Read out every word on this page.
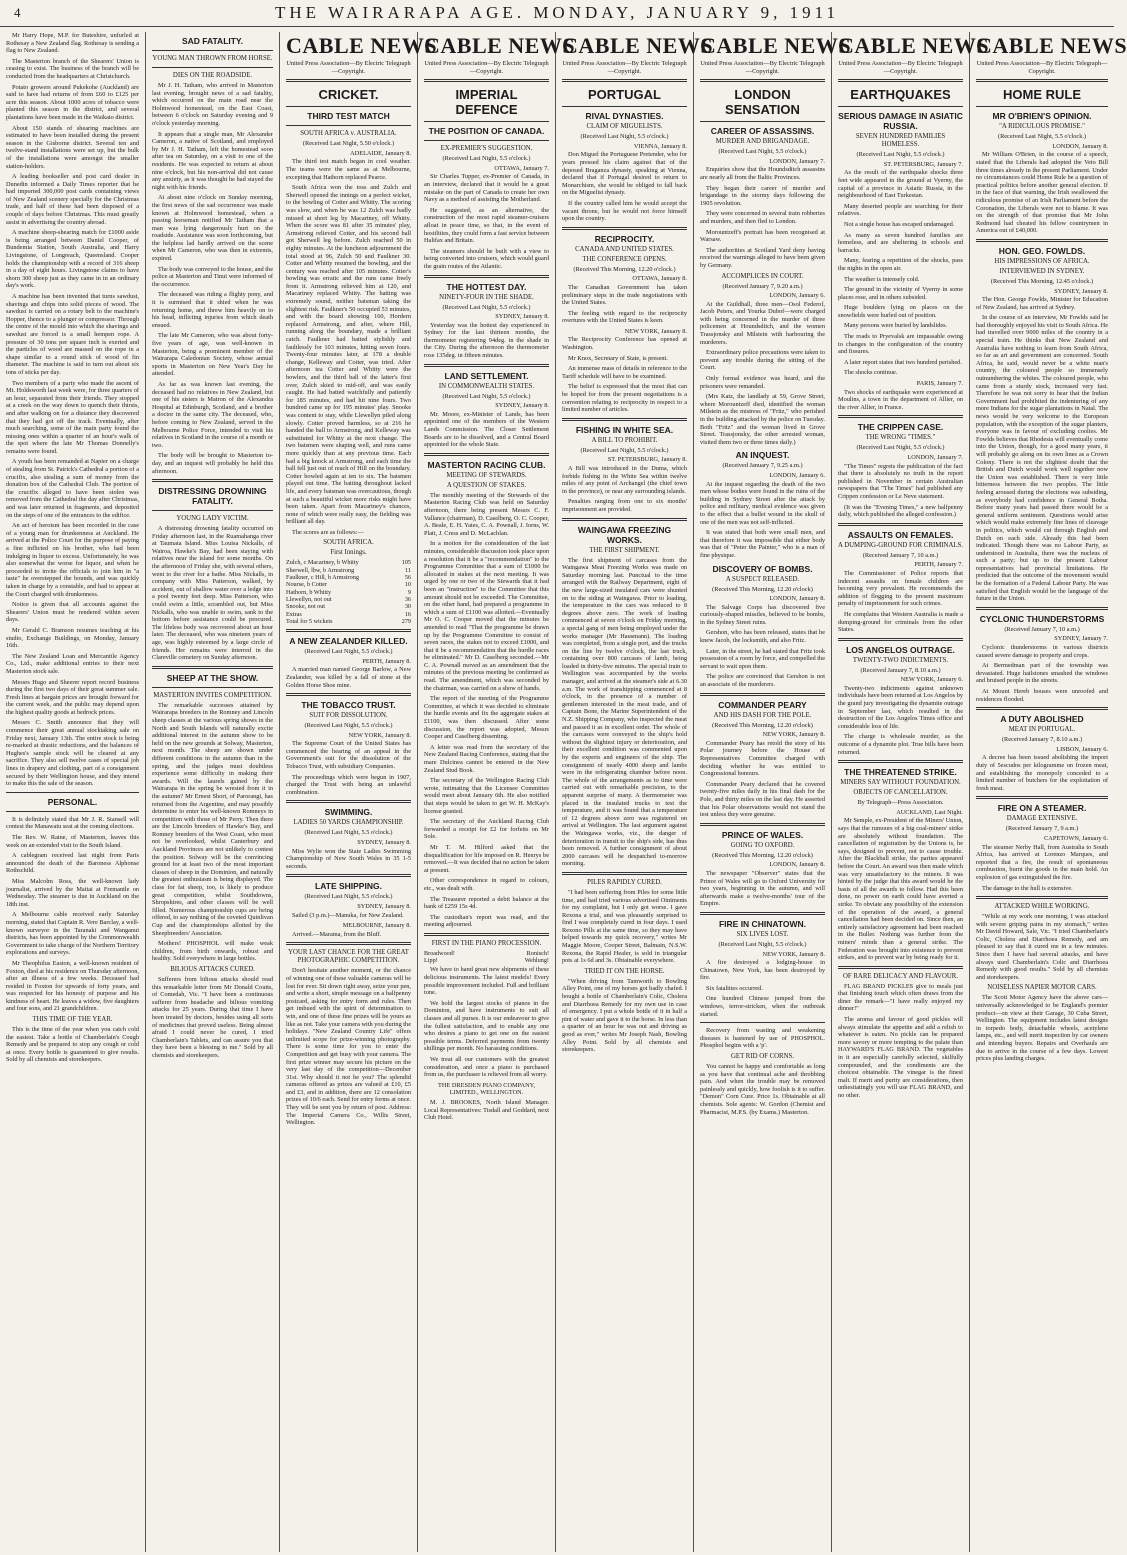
4	THE WAIRARAPA AGE. MONDAY, JANUARY 9, 1911

Mr Harry Hope, M.P. for Buteshire, unfurled at Rothesay a New Zealand flag. Rothesay is sending a flag to New Zealand.

The Masterton branch of the Shearers' Union is ceasing to exist. The business of the branch will be conducted from the headquarters at Christchurch.

Potato growers around Pukekohe (Auckland) are said to have had returns of from £60 to £125 per acre this season. About 1000 acres of tobacco were planted this season in the district, and several plantations have been made in the Waikato district.

About 150 stands of shearing machines are estimated to have been installed during the present season in the Gisborne district. Several ten and twelve-stand installations were set up, but the bulk of the installations were amongst the smaller station-holders.

A leading bookseller and post card dealer in Dunedin informed a Daily Times reporter that he had imported 300,000 post cards containing views of New Zealand scenery specially for the Christmas trade, and half of these had been disposed of a couple of days before Christmas. This must greatly assist in advertising the country abroad.

A machine sheep-shearing match for £1000 aside is being arranged between Daniel Cooper, of Bundemia Station, South Australia, and Harry Livingstone, of Longreach, Queensland. Cooper holds the championship with a record of 316 sheep in a day of eight hours. Livingstone claims to have shorn 300 sheep just as they came in in an ordinary day's work.

A machine has been invented that turns sawdust, shavings and chips into solid pieces of wood. The sawdust is carried on a rotary belt to the machine's Hopper, thence to a plunger or compressor. Through the centre of the mould into which the shavings and sawdust are forced is a small hempen rope. A pressure of 30 tons per square inch is exerted and the particles of wood are massed on the rope in a shape similar to a round stick of wood of fin diameter. The machine is said to turn out about six tons of sticks per day.

Two members of a party who made the ascent of Mt. Holdsworth last week were, for three quarters of an hour, separated from their friends. They stopped at a creek on the way down to quench their thirsts, and after walking on for a distance they discovered that they had got off the track. Eventually, after much searching, some of the main party found the missing ones within a quarter of an hour's walk of the spot where the late Mr Thomas Donnelly's remains were found.

A youth has been remanded at Napier on a charge of stealing from St. Patrick's Cathedral a portion of a crucifix, also stealing a sum of money from the donation box of the Cathedral Club. The portion of the crucifix alleged to have been stolen was removed from the Cathedral the day after Christmas, and was later returned in fragments, and deposited on the steps of one of the entrances to the edifice.

An act of heroism has been recorded in the case of a young man for drunkenness at Auckland. He arrived at the Police Court for the purpose of paying a fine inflicted on his brother, who had been indulging in liquor to excess. Unfortunately, he was also somewhat the worse for liquor, and when he proceeded to invite the officials to join him in "a taste" he overstepped the bounds, and was quickly taken in charge by a constable, and had to appear at the Court charged with drunkenness.

Notice is given that all accounts against the Shearers' Union must be rendered within seven days.

Mr Gerald C. Bramson resumes teaching at his studio, Exchange Buildings, on Monday, January 16th.

The New Zealand Loan and Mercantile Agency Co., Ltd., make additional entries to their next Masterton stock sale.

Messrs Hugo and Sheerer report record business during the first two days of their great summer sale. Fresh lines at bargain prices are brought forward for the current week, and the public may depend upon the highest quality goods at bedrock prices.

Messrs C. Smith announce that they will commence their great annual stocktaking sale on Friday next, January 13th. The entire stock is being re-marked at drastic reductions, and the balances of Hughes's sample stock will be cleared at any sacrifice. They also sell twelve cases of special job lines in drapery and clothing, part of a consignment secured by their Wellington house, and they intend to make this the sale of the season.

PERSONAL.

It is definitely stated that Mr J. R. Stansell will contest the Manawatu seat at the coming elections.

The Rev. W. Raine, of Masterton, leaves this week on an extended visit to the South Island.

A cablegram received last night from Paris announced the death of the Baroness Alphonse Rothschild.

Miss Malcolm Ross, the well-known lady journalist, arrived by the Maitai at Fremantle on Wednesday. The steamer is due in Auckland on the 18th inst.

A Melbourne cable received early Saturday morning, stated that Captain R. Vere Barclay, a well-known surveyor in the Taranaki and Wanganui districts, has been appointed by the Commonwealth Government to take charge of the Northern Territory explorations and surveys.

Mr Theophilus Easton, a well-known resident of Foxton, died at his residence on Thursday afternoon, after an illness of a few weeks. Deceased had resided in Foxton for upwards of forty years, and was respected for his honesty of purpose and his kindness of heart. He leaves a widow, five daughters and four sons, and 21 grandchildren.

THIS TIME OF THE YEAR.

This is the time of the year when you catch cold the easiest. Take a bottle of Chamberlain's Cough Remedy and be prepared to stop any cough or cold at once. Every bottle is guaranteed to give results. Sold by all chemists and storekeepers.

SAD FATALITY.
YOUNG MAN THROWN FROM HORSE.
DIES ON THE ROADSIDE.

Mr J. H. Tatham, who arrived in Masterton last evening, brought news of a sad fatality, which occurred on the main road near the Holmwood homestead, on the East Coast, between 6 o'clock on Saturday evening and 9 o'clock yesterday morning.

It appears that a single man, Mr Alexander Cameron, a native of Scotland, and employed by Mr J. H. Tatham, left the homestead soon after tea on Saturday, on a visit to one of the residents. He was expected to return at about nine o'clock, but his non-arrival did not cause any anxiety, as it was thought he had stayed the night with his friends.

At about nine o'clock on Sunday morning, the first news of the sad occurrence was made known at Holmwood homestead, when a passing horseman notified Mr Tatham that a man was lying dangerously hurt on the roadside. Assistance was soon forthcoming, but the helpless lad hardly arrived on the scene when Mr Cameron, who was then in extremis, expired.

The body was conveyed to the house, and the police at Masterton and Tinui were informed of the occurrence.

The deceased was riding a flighty pony, and it is surmised that it shied when he was returning home, and threw him heavily on to his head, inflicting injuries from which death ensued.

The late Mr Cameron, who was about forty-five years of age, was well-known in Masterton, being a prominent member of the Wairarapa Caledonian Society, whose annual sports in Masterton on New Year's Day he attended.

As far as was known last evening, the deceased had no relatives in New Zealand, but one of his sisters is Matron of the Alexandra Hospital at Edinburgh, Scotland, and a brother a doctor in the same city. The deceased, who, before coming to New Zealand, served in the Melbourne Police Force, intended to visit his relatives in Scotland in the course of a month or two.

The body will be brought to Masterton to-day, and an inquest will probably be held this afternoon.

DISTRESSING DROWNING FATALITY.
YOUNG LADY VICTIM.

A distressing drowning fatality occurred on Friday afternoon last, in the Ruamahanga river at Taumata Island. Miss Louisa Nickalls, of Wairoa, Hawke's Bay, had been staying with relatives near the island for some months. On the afternoon of Friday she, with several others, went to the river for a bathe. Miss Nickalls, in company with Miss Patterson, walked, by accident, out of shallow water over a ledge into a pool twenty feet deep. Miss Patterson, who could swim a little, scrambled out, but Miss Nickalls, who was unable to swim, sank to the bottom before assistance could be procured. The lifeless body was recovered about an hour later. The deceased, who was nineteen years of age, was highly esteemed by a large circle of friends. Her remains were interred in the Clareville cemetery on Sunday afternoon.

SHEEP AT THE SHOW.
MASTERTON INVITES COMPETITION.

The remarkable successes attained by Wairarapa breeders in the Romney and Lincoln sheep classes at the various spring shows in the North and South Islands will naturally excite additional interest in the autumn show to be held on the new grounds at Solway, Masterton, next month. The sheep are shown under different conditions in the autumn than in the spring, and the judges must doubtless experience some difficulty in making their awards. Will the laurels gained by the Wairarapa in the spring be wrested from it in the autumn? Mr Ernest Short, of Parorangi, has returned from the Argentine, and may possibly determine to enter his well-known Romneys in competition with those of Mr Perry. Then there are the Lincoln breeders of Hawke's Bay, and Romney breeders of the West Coast, who must not be overlooked, whilst Canterbury and Auckland Provinces are not unlikely to contest the position. Solway will be the convincing ground for at least two of the most important classes of sheep in the Dominion, and naturally the greatest enthusiasm is being displayed. The class for fat sheep, too, is likely to produce great competition, whilst Southdowns, Shropshires, and other classes will be well filled. Numerous championship cups are being offered, to say nothing of the coveted Quinlivan Cup and the championships allotted by the Sheepbreeders' Association.

Mothers! PHOSPHOL will make weak children, from birth onwards, robust and healthy. Sold everywhere in large bottles.

BILIOUS ATTACKS CURED.

Sufferers from bilious attacks should read this remarkable letter from Mr Donald Coutts, of Comedah, Vic. "I have been a continuous sufferer from headache and bilious vomiting attacks for 25 years. During that time I have been treated by doctors, besides using all sorts of medicines that proved useless. Being almost afraid I could never be cured, I tried Chamberlain's Tablets, and can assure you that they have been a blessing to me." Sold by all chemists and storekeepers.

CABLE NEWS
United Press Association—By Electric Telegraph—Copyright.
CRICKET.
THIRD TEST MATCH
SOUTH AFRICA v. AUSTRALIA.
(Received Last Night, 5.50 o'clock.)
ADELAIDE, January 8.

The third test match began in cool weather. The teams were the same as at Melbourne, excepting that Hathorn replaced Pearce.

South Africa won the toss and Zulch and Sherwell opened the innings on a perfect wicket, to the bowling of Cotter and Whitty. The scoring was slow, and when he was 12 Zulch was badly missed at short leg by Macartney, off Whitty. When the score was 81 after 35 minutes' play, Armstrong relieved Cotter, and his second ball got Sherwell leg before. Zulch reached 50 in eighty minutes. At the luncheon adjournment the total stood at 96, Zulch 50 and Faulkner 30. Cotter and Whitty resumed the bowling, and the century was reached after 105 minutes. Cotter's bowling was erratic and the runs came freely from it. Armstrong relieved him at 120, and Macartney replaced Whitty. The batting was extremely sound, neither batsman taking the slightest risk. Faulkner's 50 occupied 53 minutes, and with the board showing 160, Hordern replaced Armstrong, and after, where Hill, running along the boundary, made a brilliant catch. Faulkner had batted stylishly and faultlessly for 103 minutes, hitting seven fours. Twenty-four minutes later, at 178 a double change, Kelleway and Cotter, was tried. After afternoon tea Cotter and Whitty were the bowlers, and the third ball of the latter's first over, Zulch skied to mid-off, and was easily caught. He had batted watchfully and patiently for 185 minutes, and had hit nine fours. Two hundred came up for 195 minutes' play. Snooke was content to stay, while Llewellyn piled along slowly. Cotter proved harmless, so at 216 he handed the ball to Armstrong, and Kelleway was substituted for Whitty at the next change. The two batsmen were shaping well, and runs came more quickly than at any previous time. Each had a big knock at Armstrong, and each time the ball fell just out of reach of Hill on the boundary. Cotter bowled again at ten to six. The batsmen played out time. The batting throughout lacked life, and every batsman was overcautious, though at such a beautiful wicket more risks might have been taken. Apart from Macartney's chances, none of which were really easy, the fielding was brilliant all day.

The scores are as follows:—

SOUTH AFRICA.
First Innings.
Zulch, c Macartney, b Whitty	105
Sherwell, lbw, b Armstrong	11
Faulkner, c Hill, b Armstrong	56
Nourse, b Cotter	10
Hathorn, b Whitty	9
Llewellyn, not out	36
Snooke, not out	30
Extras	16
Total for 5 wickets	279
A NEW ZEALANDER KILLED.
(Received Last Night, 5.5 o'clock.)
PERTH, January 8.

A married man named George Barlow, a New Zealander, was killed by a fall of stone at the Golden Horse Shoe mine.

THE TOBACCO TRUST.
SUIT FOR DISSOLUTION.
(Received Last Night, 5.5 o'clock.)
NEW YORK, January 8.

The Supreme Court of the United States has commenced the hearing of an appeal in the Government's suit for the dissolution of the Tobacco Trust, with subsidiary Companies.

The proceedings which were begun in 1907, charged the Trust with being an unlawful combination.

SWIMMING.
LADIES 50 YARDS CHAMPIONSHIP.
(Received Last Night, 5.5 o'clock.)
SYDNEY, January 8.

Miss Wylie won the State Ladies Swimming Championship of New South Wales in 35 1-5 seconds.

LATE SHIPPING.
(Received Last Night, 5.5 o'clock.)
SYDNEY, January 8.

Sailed (3 p.m.)—Manuka, for New Zealand.

MELBOURNE, January 8.

Arrived.—Marama, from the Bluff.

YOUR LAST CHANCE FOR THE GREAT PHOTOGRAPHIC COMPETITION.

Don't hesitate another moment, or the chance of winning one of these valuable cameras will be lost for ever. Sit down right away, seize your pen, and write a short, simple message on a halfpenny postcard, asking for entry form and rules. Then get imbued with the spirit of determination to win, and one of these fine prizes will be yours as like as not. Take your camera with you during the holidays. "New Zealand Country Life" offers unlimited scope for prize-winning photography. There is some time for you to enter the Competition and get busy with your camera. The first prize winner may secure his picture on the very last day of the competition—December 31st. Why should it not be you? The splendid cameras offered as prizes are valued at £10, £5 and £3, and in addition, there are 12 consolation prizes of 10/6 each. Send for entry forms at once. They will be sent you by return of post. Address: The Imperial Camera Co., Willis Street, Wellington.

CABLE NEWS
United Press Association—By Electric Telegraph—Copyright.
IMPERIAL DEFENCE
THE POSITION OF CANADA.
EX-PREMIER'S SUGGESTION.
(Received Last Night, 5.5 o'clock.)
OTTAWA, January 7.

Sir Charles Tupper, ex-Premier of Canada, in an interview, declared that it would be a great mistake on the part of Canada to create her own Navy as a method of assisting the Motherland.

He suggested, as an alternative, the construction of the most rapid steamer-cruisers afloat in peace time, so that, in the event of hostilities, they could form a fast service between Halifax and Britain.

The steamers should be built with a view to being converted into cruisers, which would guard the grain routes of the Atlantic.

THE HOTTEST DAY.
NINETY-FOUR IN THE SHADE.
(Received Last Night, 5.5 o'clock.)
SYDNEY, January 8.

Yesterday was the hottest day experienced in Sydney for the last thirteen months, the thermometer registering 94deg. in the shade in the City. During the afternoon the thermometer rose 135deg. in fifteen minutes.

LAND SETTLEMENT.
IN COMMONWEALTH STATES.
(Received Last Night, 5.5 o'clock.)
SYDNEY, January 8.

Mr. Moore, ex-Minister of Lands, has been appointed one of the members of the Western Lands Commission. The Closer Settlement Boards are to be dissolved, and a Central Board appointed for the whole State.

MASTERTON RACING CLUB.
MEETING OF STEWARDS.
A QUESTION OF STAKES.

The monthly meeting of the Stewards of the Masterton Racing Club was held on Saturday afternoon, there being present Messrs C. F. Vallance (chairman), D. Caselberg, O. C. Cooper, A. Beale, E. H. Yates, C. A. Pownall, J. Iorns, W. Platt, J. Cress and D. McLachlan.

In a motion for the consideration of the last minutes, considerable discussion took place upon a resolution that it be a "recommendation" to the Programme Committee that a sum of £1000 be allocated in stakes at the next meeting. It was urged by one or two of the Stewards that it had been an "instruction" to the Committee that this amount should not be exceeded. The Committee, on the other hand, had prepared a programme in which a sum of £1100 was allotted.—Eventually Mr O. C. Cooper moved that the minutes be amended to read "That the programme be drawn up by the Programme Committee to consist of seven races, the stakes not to exceed £1000, and that it be a recommendation that the hurdle races be eliminated." Mr D. Caselberg seconded.—Mr C. A. Pownall moved as an amendment that the minutes of the previous meeting be confirmed as read. The amendment, which was seconded by the chairman, was carried on a show of hands.

The report of the meeting of the Programme Committee, at which it was decided to eliminate the hurdle events and fix the aggregate stakes at £1100, was then discussed. After some discussion, the report was adopted, Messrs Cooper and Caselberg dissenting.

A letter was read from the secretary of the New Zealand Racing Conference, stating that the mare Dulcinea cannot be entered in the New Zealand Stud Book.

The secretary of the Wellington Racing Club wrote, intimating that the Licensee Committee would meet about January 6th. He also notified that steps would be taken to get W. H. McKay's license granted.

The secretary of the Auckland Racing Club forwarded a receipt for £2 for forfeits on Mr Sole.

Mr T. M. Hilford asked that the disqualification for life imposed on R. Henrys be removed.—It was decided that no action be taken at present.

Other correspondence in regard to colours, etc., was dealt with.

The Treasurer reported a debit balance at the bank of £259 15s 4d.

The custodian's report was read, and the meeting adjourned.

FIRST IN THE PIANO PROCESSION.
Broadwood!	Ronisch!
Lipp!	Wehlung!

We have to hand great new shipments of these delicious instruments. The latest models! Every possible improvement included. Full and brilliant tone.

We hold the largest stocks of pianos in the Dominion, and have instruments to suit all classes and all purses. It is our endeavour to give the fullest satisfaction, and to enable any one who desires a piano to get one on the easiest possible terms. Deferred payments from twenty shillings per month. No harassing conditions.

We treat all our customers with the greatest consideration, and once a piano is purchased from us, the purchaser is relieved from all worry.

THE DRESDEN PIANO COMPANY, LIMITED., WELLINGTON.

M. J. BROOKES, North Island Manager. Local Representatives: Tisdall and Goddard, next Club Hotel.

CABLE NEWS
United Press Association—By Electric Telegraph—Copyright.
PORTUGAL
RIVAL DYNASTIES.
CLAIM OF MIGUELISTS.
(Received Last Night, 5.5 o'clock.)
VIENNA, January 8.

Don Miguel the Portuguese Pretender, who for years pressed his claim against that of the deposed Braganza dynasty, speaking at Vienna, declared that if Portugal desired to return to Monarchism, she would be obliged to fall back on the Miguelist dynasty.

If the country called him he would accept the vacant throne, but he would not force himself upon the country.

RECIPROCITY.
CANADA AND UNITED STATES.
THE CONFERENCE OPENS.
(Received This Morning, 12.20 o'clock.)
OTTAWA, January 8.

The Canadian Government has taken preliminary steps in the trade negotiations with the United States.

The feeling with regard to the reciprocity overtures with the United States is keen.

NEW YORK, January 8.

The Reciprocity Conference has opened at Washington.

Mr Knox, Secretary of State, is present.

An immense mass of details in reference to the Tariff schedule will have to be examined.

The belief is expressed that the most that can be hoped for from the present negotiations is a convention relating to reciprocity in respect to a limited number of articles.

FISHING IN WHITE SEA.
A BILL TO PROHIBIT.
(Received Last Night, 5.5 o'clock.)
ST. PETERSBURG, January 8.

A Bill was introduced in the Duma, which forbids fishing in the White Sea within twelve miles of any point of Archangel (the chief town in the province), or near any surrounding islands.

Penalties ranging from one to six months' imprisonment are provided.

WAINGAWA FREEZING WORKS.
THE FIRST SHIPMENT.

The first shipment of carcases from the Waingawa Meat Freezing Works was made on Saturday morning last. Punctual to the time arranged with the Railway Department, eight of the new large-sized insulated cars were shunted on to the siding at Waingawa. Prior to loading, the temperature in the cars was reduced to 8 degrees above zero. The work of loading commenced at seven o'clock on Friday morning, a special gang of men being employed under the works manager (Mr Hausmann). The loading was completed, from a single port, and the trucks on the line by twelve o'clock, the last truck, containing over 800 carcases of lamb, being loaded in thirty-five minutes. The special train to Wellington was accompanied by the works manager, and arrived at the steamer's side at 6.30 a.m. The work of transhipping commenced at 8 o'clock, in the presence of a number of gentlemen interested in the meat trade, and of Captain Bone, the Marine Superintendent of the N.Z. Shipping Company, who inspected the meat and passed it as in excellent order. The whole of the carcases were conveyed to the ship's hold without the slightest injury or deterioration, and their excellent condition was commented upon by the experts and engineers of the ship. The consignment of nearly 4000 sheep and lambs were in the refrigerating chamber before noon. The whole of the arrangements as to time were carried out with remarkable precision, to the apparent surprise of many. A thermometer was placed in the insulated trucks to test the temperature, and it was found that a temperature of 12 degrees above zero was registered on arrival at Wellington. The last argument against the Waingawa works, viz., the danger of deterioration in transit to the ship's side, has thus been removed. A further consignment of about 2000 carcases will be despatched to-morrow morning.

PILES RAPIDLY CURED.

"I had been suffering from Piles for some little time, and had tried various advertised Ointments for my complaint, but I only got worse. I gave Rexona a trial, and was pleasantly surprised to find I was completely cured in four days. I used Rexono Pills at the same time, so they may have helped towards my quick recovery," writes Mr Maggie Moore, Cooper Street, Balmain, N.S.W. Rexona, the Rapid Healer, is sold in triangular pots at 1s 6d and 3s. Obtainable everywhere.

TRIED IT ON THE HORSE.

"When driving from Tamworth to Bowling Alley Point, one of my horses got badly chafed. I bought a bottle of Chamberlain's Colic, Cholera and Diarrhoea Remedy for my own use in case of emergency. I put a whole bottle of it in half a pint of water and gave it to the horse. In less than a quarter of an hour he was out and driving as good as ever," writes Mr Joseph Nash, Bowling Alley Point. Sold by all chemists and storekeepers.

CABLE NEWS
United Press Association—By Electric Telegraph—Copyright.
LONDON SENSATION
CAREER OF ASSASSINS.
MURDER AND BRIGANDAGE.
(Received Last Night, 5.5 o'clock.)
LONDON, January 7.

Enquiries show that the Houndsditch assassins are nearly all from the Baltic Provinces.

They began their career of murder and brigandage in the stormy days following the 1905 revolution.

They were concerned in several train robberies and murders, and then fled to London.

Morountzeff's portrait has been recognised at Warsaw.

The authorities at Scotland Yard deny having received the warnings alleged to have been given by Germany.

ACCOMPLICES IN COURT.
(Received January 7, 9.20 a.m.)
LONDON, January 6.

At the Guildhall, three men—Osol Federof, Jacob Peters, and Yourka Dubof—were charged with being concerned in the murder of three policemen at Houndsditch, and the women Trassjonsky and Milstein with harbouring the murderers.

Extraordinary police precautions were taken to prevent any trouble during the sitting of the Court.

Only formal evidence was heard, and the prisoners were remanded.

(Mrs Katz, the landlady at 59, Grove Street, where Morountzeff died, identified the woman Milstein as the mistress of "Fritz," who perished in the building attacked by the police on Tuesday. Both "Fritz" and the woman lived in Grove Street. Trassjonsky, the other arrested woman, visited them two or three times daily.)

AN INQUEST.
(Received January 7, 9.25 a.m.)
LONDON, January 6.

At the inquest regarding the death of the two men whose bodies were found in the ruins of the building in Sydney Street after the attack by police and military, medical evidence was given to the effect that a bullet wound in the skull of one of the men was not self-inflicted.

It was stated that both were small men, and that therefore it was impossible that either body was that of "Peter the Painter," who is a man of fine physique.

DISCOVERY OF BOMBS.
A SUSPECT RELEASED.
(Received This Morning, 12.20 o'clock)
LONDON, January 8.

The Salvage Corps has discovered five curiously-shaped missiles, believed to be bombs, in the Sydney Street ruins.

Gershon, who has been released, states that he knew Jacob, the locksmith, and also Fritz.

Later, in the street, he had stated that Fritz took possession of a room by force, and compelled the servant to wait upon them.

The police are convinced that Gershon is not an associate of the murderers.

COMMANDER PEARY
AND HIS DASH FOR THE POLE.
(Received This Morning, 12.20 o'clock)
NEW YORK, January 8.

Commander Peary has retold the story of his Polar journey before the House of Representatives Committee charged with deciding whether he was entitled to Congressional honours.

Commander Peary declared that he covered twenty-five miles daily in his final dash for the Pole, and thirty miles on the last day. He asserted that his Polar observations would not stand the test unless they were genuine.

PRINCE OF WALES.
GOING TO OXFORD.
(Received This Morning, 12.20 o'clock)
LONDON, January 8.

The newspaper "Observer" states that the Prince of Wales will go to Oxford University for two years, beginning in the autumn, and will afterwards make a twelve-months' tour of the Empire.

FIRE IN CHINATOWN.
SIX LIVES LOST.
(Received Last Night, 5.5 o'clock.)
NEW YORK, January 8.

A fire destroyed a lodging-house in Chinatown, New York, has been destroyed by fire.

Six fatalities occurred.

One hundred Chinese jumped from the windows, terror-stricken, when the outbreak started.

Recovery from wasting and weakening diseases is hastened by use of PHOSPHOL. Phosphol begins with a 'p'.

GET RID OF CORNS.

You cannot be happy and comfortable as long as you have that continual ache and throbbing pain. And when the trouble may be removed painlessly and quickly, how foolish is it to suffer. "Demon" Corn Cure. Price 1s. Obtainable at all chemists. Sole agents: W. Gordon (Chemist and Pharmacist, M.P.S. (by Exams.) Masterton.

CABLE NEWS
United Press Association—By Electric Telegraph—Copyright.
EARTHQUAKES
SERIOUS DAMAGE IN ASIATIC RUSSIA.
SEVEN HUNDRED FAMILIES HOMELESS.
(Received Last Night, 5.5 o'clock.)
ST. PETERSBURG, January 7.

As the result of the earthquake shocks three feet wide appeared in the ground at Vyerny, the capital of a province in Asiatic Russia, in the neighbourhood of East Turkestan.

Many deserted people are searching for their relatives.

Not a single house has escaped undamaged.

As many as seven hundred families are homeless, and are sheltering in schools and barracks.

Many, fearing a repetition of the shocks, pass the nights in the open air.

The weather is intensely cold.

The ground in the vicinity of Vyerny in some places rose, and in others subsided.

Huge boulders lying on places on the snowfields were hurled out of position.

Many persons were buried by landslides.

The roads to Pryevalsk are impassable owing to changes in the configuration of the country and fissures.

A later report states that two hundred perished.

The shocks continue.

PARIS, January 7.

Two shocks of earthquake were experienced at Moulins, a town in the department of Allier, on the river Allier, in France.

THE CRIPPEN CASE.
THE WRONG "TIMES."
(Received Last Night, 5.5 o'clock.)
LONDON, January 7.

"The Times" regrets the publication of the fact that there is absolutely no truth in the report published in November in certain Australian newspapers that "The Times" had published any Crippen confession or Le Neve statement.

(It was the "Evening Times," a new halfpenny daily, which published the alleged confession.)

ASSAULTS ON FEMALES.
A DUMPING-GROUND FOR CRIMINALS.
(Received January 7, 10 a.m.)
PERTH, January 7.

The Commissioner of Police reports that indecent assaults on female children are becoming very prevalent. He recommends the addition of flogging to the present maximum penalty of imprisonment for such crimes.

He complains that Western Australia is made a dumping-ground for criminals from the other States.

LOS ANGELOS OUTRAGE.
TWENTY-TWO INDICTMENTS.
(Received January 7, 8.10 a.m.)
NEW YORK, January 6.

Twenty-two indictments against unknown individuals have been returned at Los Angelos by the grand jury investigating the dynamite outrage in September last, which resulted in the destruction of the Los Angelos Times office and considerable loss of life.

The charge is wholesale murder, as the outcome of a dynamite plot. True bills have been returned.

THE THREATENED STRIKE.
MINERS SAY WITHOUT FOUNDATION.
OBJECTS OF CANCELLATION.
By Telegraph—Press Association.
AUCKLAND, Last Night.

Mr Semple, ex-President of the Miners' Union, says that the rumours of a big coal-miners' strike are absolutely without foundation. The cancellation of registration by the Unions is, he says, designed to prevent, not to cause trouble. After the Blackball strike, the parties appeared before the Court. An award was then made which was very unsatisfactory to the miners. It was hinted by the judge that this award would be the basis of all the awards to follow. Had this been done, no power on earth could have averted a strike. To obviate any possibility of the extension of the operation of the award, a general cancellation had been decided on. Since then, an entirely satisfactory agreement had been reached in the Buller. Nothing was further from the miners' minds than a general strike. The Federation was brought into existence to prevent strikes, and to prevent war by being ready for it.

OF RARE DELICACY AND FLAVOUR.

FLAG BRAND PICKLES give to meals just that finishing touch which often draws from the diner the remark—"I have really enjoyed my dinner!"

The aroma and favour of good pickles will always stimulate the appetite and add a relish to whatever is eaten. No pickle can be prepared more savory or more tempting to the palate than HAYWARD'S FLAG BRAND. The vegetables in it are especially carefully selected, skilfully compounded, and the condiments are the choicest obtainable. The vinegar is the finest malt. If merit and purity are considerations, then unhesitatingly you will use FLAG BRAND, and no other.

CABLE NEWS
United Press Association—By Electric Telegraph—Copyright.
HOME RULE
MR O'BRIEN'S OPINION.
"A RIDICULOUS PROMISE."
(Received Last Night, 5.5 o'clock.)
LONDON, January 8.

Mr William O'Brien, in the course of a speech, stated that the Liberals had adopted the Veto Bill three times already in the present Parliament. Under no circumstances could Home Rule be a question of practical politics before another general election. If in the face of that warning, the Irish swallowed the ridiculous promise of an Irish Parliament before the Coronation, the Liberals were not to blame. It was on the strength of that promise that Mr John Redmond had cheated his fellow countrymen in America out of £40,000.

HON. GEO. FOWLDS.
HIS IMPRESSIONS OF AFRICA.
INTERVIEWED IN SYDNEY.
(Received This Morning, 12.45 o'clock.)
SYDNEY, January 8.

The Hon. George Fowlds, Minister for Education of New Zealand, has arrived at Sydney.

In the course of an interview, Mr Fowlds said he had thoroughly enjoyed his visit to South Africa. He had travelled over 9000 miles of the country in a special train. He thinks that New Zealand and Australia have nothing to learn from South Africa, so far as art and government are concerned. South Africa, he said, would never be a white man's country, the coloured people so immensely outnumbering the whites. The coloured people, who came from a sturdy stock, increased very fast. Therefore he was not sorry to hear that the Indian Government had prohibited the indenturing of any more Indians for the sugar plantations in Natal. The news would be very welcome to the European population, with the exception of the sugar planters, everyone was in favour of excluding coolies. Mr Fowlds believes that Rhodesia will eventually come into the Union, though, for a good many years, it will probably go along on its own lines as a Crown Colony. There is not the slightest doubt that the British and Dutch would work well together now the Union was established. There is very little bitterness between the two peoples. The little feeling aroused during the elections was subsiding, as everybody had confidence in General Botha. Before many years had passed there would be a general uniform sentiment. Questions would arise which would make extremely fine lines of cleavage in politics, which would cut through English and Dutch on each side. Already this had been indicated. Though there was no Labour Party, as understood in Australia, there was the nucleus of such a party; but up to the present Labour representatives had provincial limitations. He predicted that the outcome of the movement would be the formation of a Federal Labour Party. He was satisfied that English would be the language of the future in the Union.

CYCLONIC THUNDERSTORMS
(Received January 7, 10 a.m.)
SYDNEY, January 7.

Cyclonic thunderstorms in various districts caused severe damage to property and crops.

At Bermedman part of the township was devastated. Huge hailstones smashed the windows and bruised people in the streets.

At Mount Hereb houses were unroofed and residences flooded.

A DUTY ABOLISHED
MEAT IN PORTUGAL.
(Received January 7, 8.10 a.m.)
LISBON, January 6.

A decree has been issued abolishing the import duty of 5escudos per kilogramme on frozen meat, and establishing the monopoly conceded to a limited number of butchers for the exploitation of fresh meat.

FIRE ON A STEAMER.
DAMAGE EXTENSIVE.
(Received January 7, 9 a.m.)
CAPETOWN, January 6.

The steamer Nerby Hall, from Australia to South Africa, has arrived at Lorenzo Marques, and reported that a fire, the result of spontaneous combustion, burnt the goods in the main hold. An explosion of gas extinguished the fire.

The damage to the hull is extensive.

ATTACKED WHILE WORKING.

"While at my work one morning, I was attacked with severe griping pains in my stomach," writes Mr David Howard, Sale, Vic. "I tried Chamberlain's Colic, Cholera and Diarrhoea Remedy, and am pleased to say that it cured me in a few minutes. Since then I have had several attacks, and have always used Chamberlain's Colic and Diarrhoea Remedy with good results." Sold by all chemists and storekeepers.

NOISELESS NAPIER MOTOR CARS.

The Scott Motor Agency have the above cars—universally acknowledged to be England's premier product—on view at their Garage, 30 Cuba Street, Wellington. The equipment includes latest designs in torpedo body, detachable wheels, acetylene lamps, etc., and will merit inspection by car owners and intending buyers. Repairs and Overhauls are due to arrive in the course of a few days. Lowest prices plus landing charges.
